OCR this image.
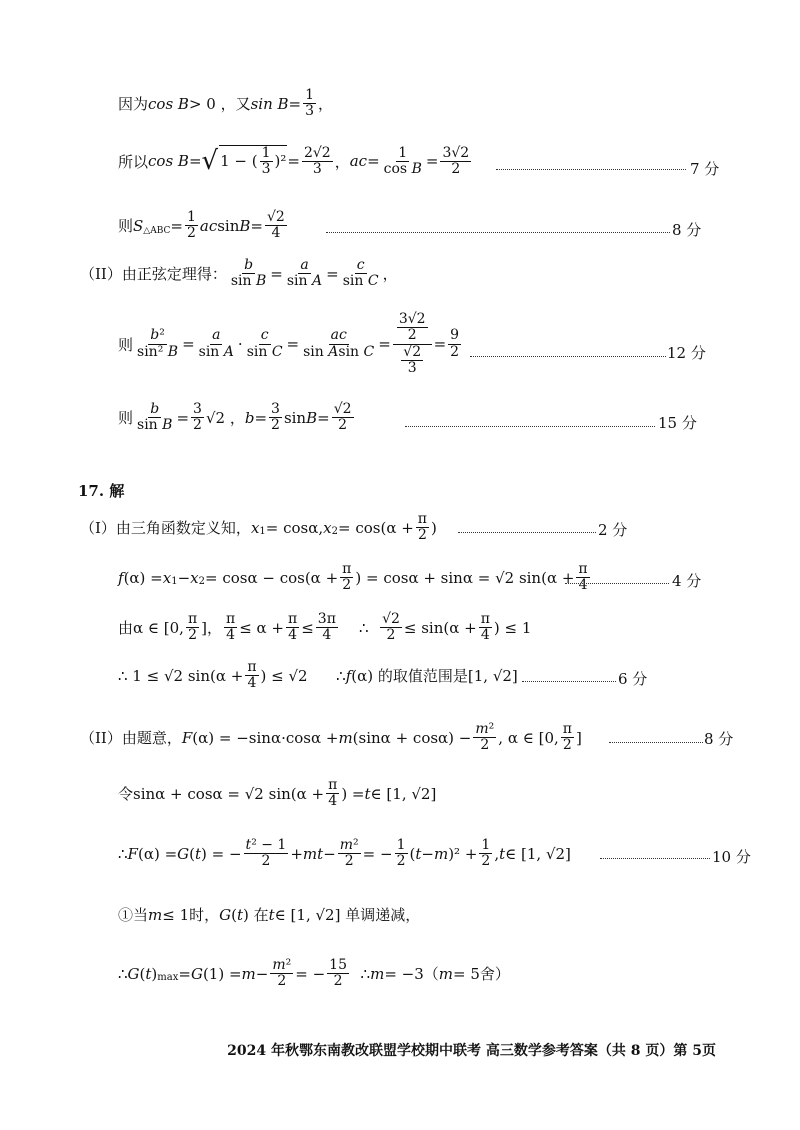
因为 cos B > 0 ，又 $\sin B = \frac{1}{3}$ ，
所以 cos B = √ 1 − ( $\frac{1}{3} )^2 = \frac{2√2}{3}$ ， ac = $\frac{1}{\text{cos B}} = \frac{3√2}{2}$	7 分
则 S △ABC = $\frac{1}{2}$ ac $\sin B = \frac{√2}{4}$	8 分
（II）由正弦定理得： $\frac{b}{\text{sin B}} = \frac{a}{\text{sin A}} = \frac{c}{\text{sin C}}$ ，
则 $\frac{\text{b²}}{\text{sin² B}} = \frac{a}{\text{sin A}} \cdot \frac{c}{\text{sin C}} = \frac{ac}{\text{sin Asin C}} = \frac{\frac{3√2}{2}}{\frac{√2}{3}} = \frac{9}{2}$	12 分
则 $\frac{b}{\text{sin B}} = \frac{3}{2} √2$ ， $b = \frac{3}{2}$ $\sin B = \frac{√2}{2}$	15 分
17. 解
（I）由三角函数定义知， x 1 = cosα, x $2 = \cos(\alpha + \frac{\pi}{2}$ )	2 分
f (α) = x 1 − x $2 = \cos\alpha - \cos(\alpha + \frac{\pi}{2}$ ) = cosα + sinα = √2 $\sin(\alpha + \frac{\pi}{4}$	4 分
由α ∈ [0, $\frac{\pi}{2}$ ]， $\frac{\pi}{4} \le \alpha + \frac{\pi}{4} \le \frac{3\pi}{4}$ ∴ $\frac{√2}{2} \le \sin(\alpha + \frac{\pi}{4}$ ) ≤ 1
∴ 1 ≤ √2 $\sin(\alpha + \frac{\pi}{4}$ ) ≤ √2 ∴ f (α) 的取值范围是[1, √2]	6 分
（II）由题意， F (α) = −sinα·cosα + m $(\sin\alpha + \cos\alpha) - \frac{\text{m²}}{2}$ , α ∈ [0, $\frac{\pi}{2}$ ]	8 分
令sinα + cosα = √2 $\sin(\alpha + \frac{\pi}{4}$ ) = t ∈ [1, √2]
∴ F (α) = G ( t ) = − $\frac{\text{t² − 1}}{2}$ + mt − $\frac{\text{m²}}{2}$ = − $\frac{1}{2}$ ( t − m )$^2 + \frac{1}{2}$ , t ∈ [1, √2]	10 分
①当 m ≤ 1时， G ( t ) 在 t ∈ [1, √2] 单调递减，
∴ G ( t ) max = G $(1) = m - \frac{\text{m²}}{2}$ = − $\frac{15}{2}$ ∴ m = −3（ m = 5舍）
2024 年秋鄂东南教改联盟学校期中联考 高三数学参考答案（共 8 页）第 5页
